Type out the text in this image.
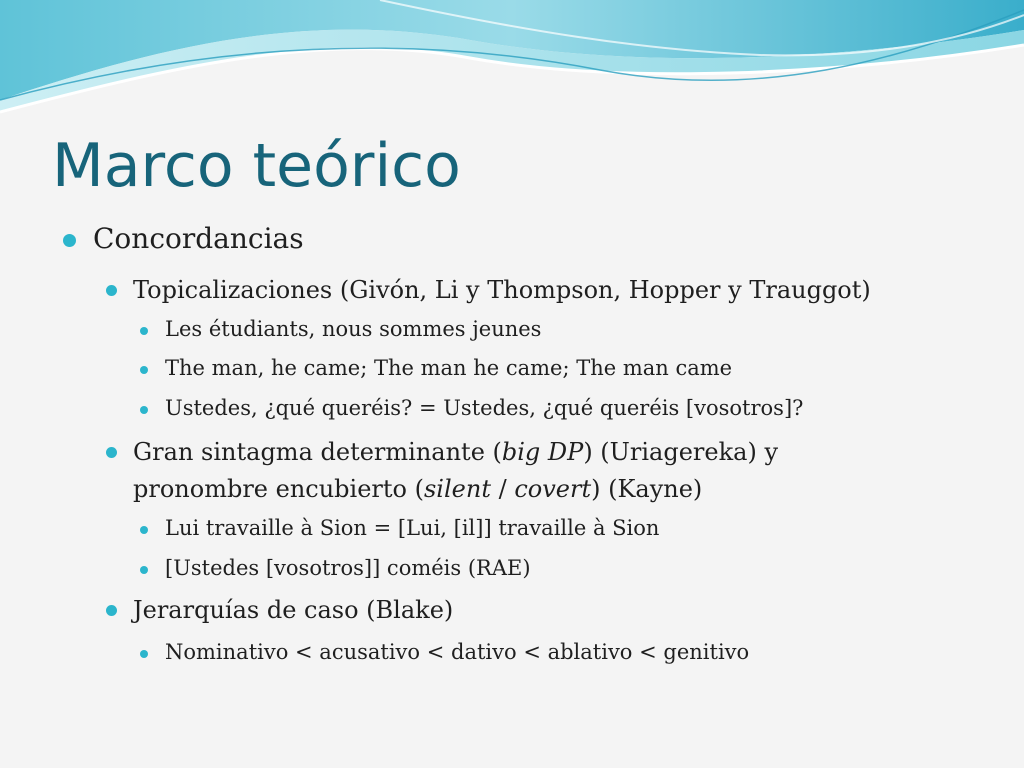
Marco teórico
Concordancias
Topicalizaciones (Givón, Li y Thompson, Hopper y Trauggot)
Les étudiants, nous sommes jeunes
The man, he came; The man he came; The man came
Ustedes, ¿qué queréis? = Ustedes, ¿qué queréis [vosotros]?
Gran sintagma determinante (big DP) (Uriagereka) y
pronombre encubierto (silent / covert) (Kayne)
Lui travaille à Sion = [Lui, [il]] travaille à Sion
[Ustedes [vosotros]] coméis (RAE)
Jerarquías de caso (Blake)
Nominativo < acusativo < dativo < ablativo < genitivo
